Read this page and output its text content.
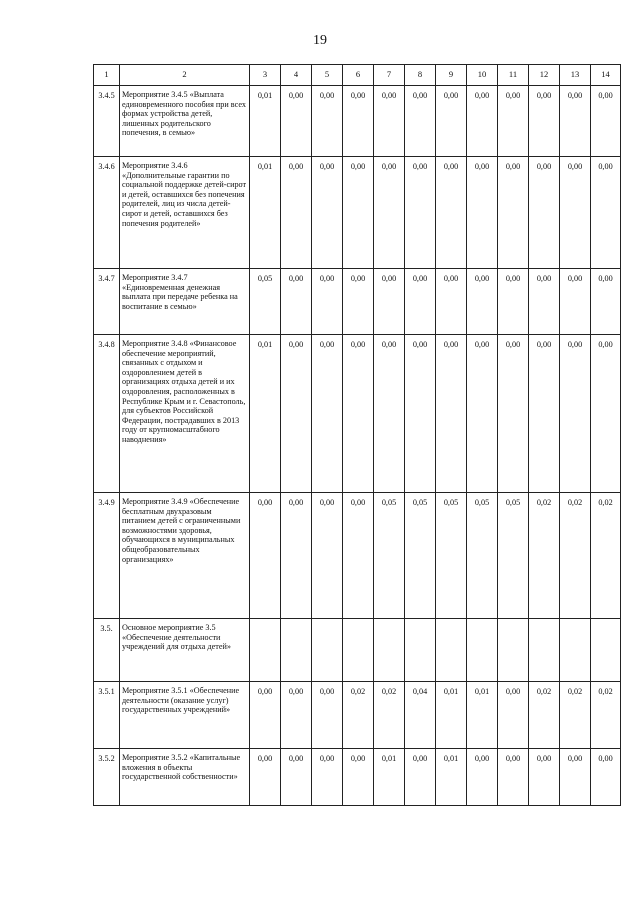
19
1	2	3	4	5	6	7	8	9	10	11	12	13	14
3.4.5	Мероприятие 3.4.5 «Выплата единовременного пособия при всех формах устройства детей, лишенных родительского попечения, в семью»	0,01	0,00	0,00	0,00	0,00	0,00	0,00	0,00	0,00	0,00	0,00	0,00
3.4.6	Мероприятие 3.4.6 «Дополнительные гарантии по социальной поддержке детей-сирот и детей, оставшихся без попечения родителей, лиц из числа детей-сирот и детей, оставшихся без попечения родителей»	0,01	0,00	0,00	0,00	0,00	0,00	0,00	0,00	0,00	0,00	0,00	0,00
3.4.7	Мероприятие 3.4.7 «Единовременная денежная выплата при передаче ребенка на воспитание в семью»	0,05	0,00	0,00	0,00	0,00	0,00	0,00	0,00	0,00	0,00	0,00	0,00
3.4.8	Мероприятие 3.4.8 «Финансовое обеспечение мероприятий, связанных с отдыхом и оздоровлением детей в организациях отдыха детей и их оздоровления, расположенных в Республике Крым и г. Севастополь, для субъектов Российской Федерации, пострадавших в 2013 году от крупномасштабного наводнения»	0,01	0,00	0,00	0,00	0,00	0,00	0,00	0,00	0,00	0,00	0,00	0,00
3.4.9	Мероприятие 3.4.9 «Обеспечение бесплатным двухразовым питанием детей с ограниченными возможностями здоровья, обучающихся в муниципальных общеобразовательных организациях»	0,00	0,00	0,00	0,00	0,05	0,05	0,05	0,05	0,05	0,02	0,02	0,02
3.5.	Основное мероприятие 3.5 «Обеспечение деятельности учреждений для отдыха детей»												
3.5.1	Мероприятие 3.5.1 «Обеспечение деятельности (оказание услуг) государственных учреждений»	0,00	0,00	0,00	0,02	0,02	0,04	0,01	0,01	0,00	0,02	0,02	0,02
3.5.2	Мероприятие 3.5.2 «Капитальные вложения в объекты государственной собственности»	0,00	0,00	0,00	0,00	0,01	0,00	0,01	0,00	0,00	0,00	0,00	0,00
